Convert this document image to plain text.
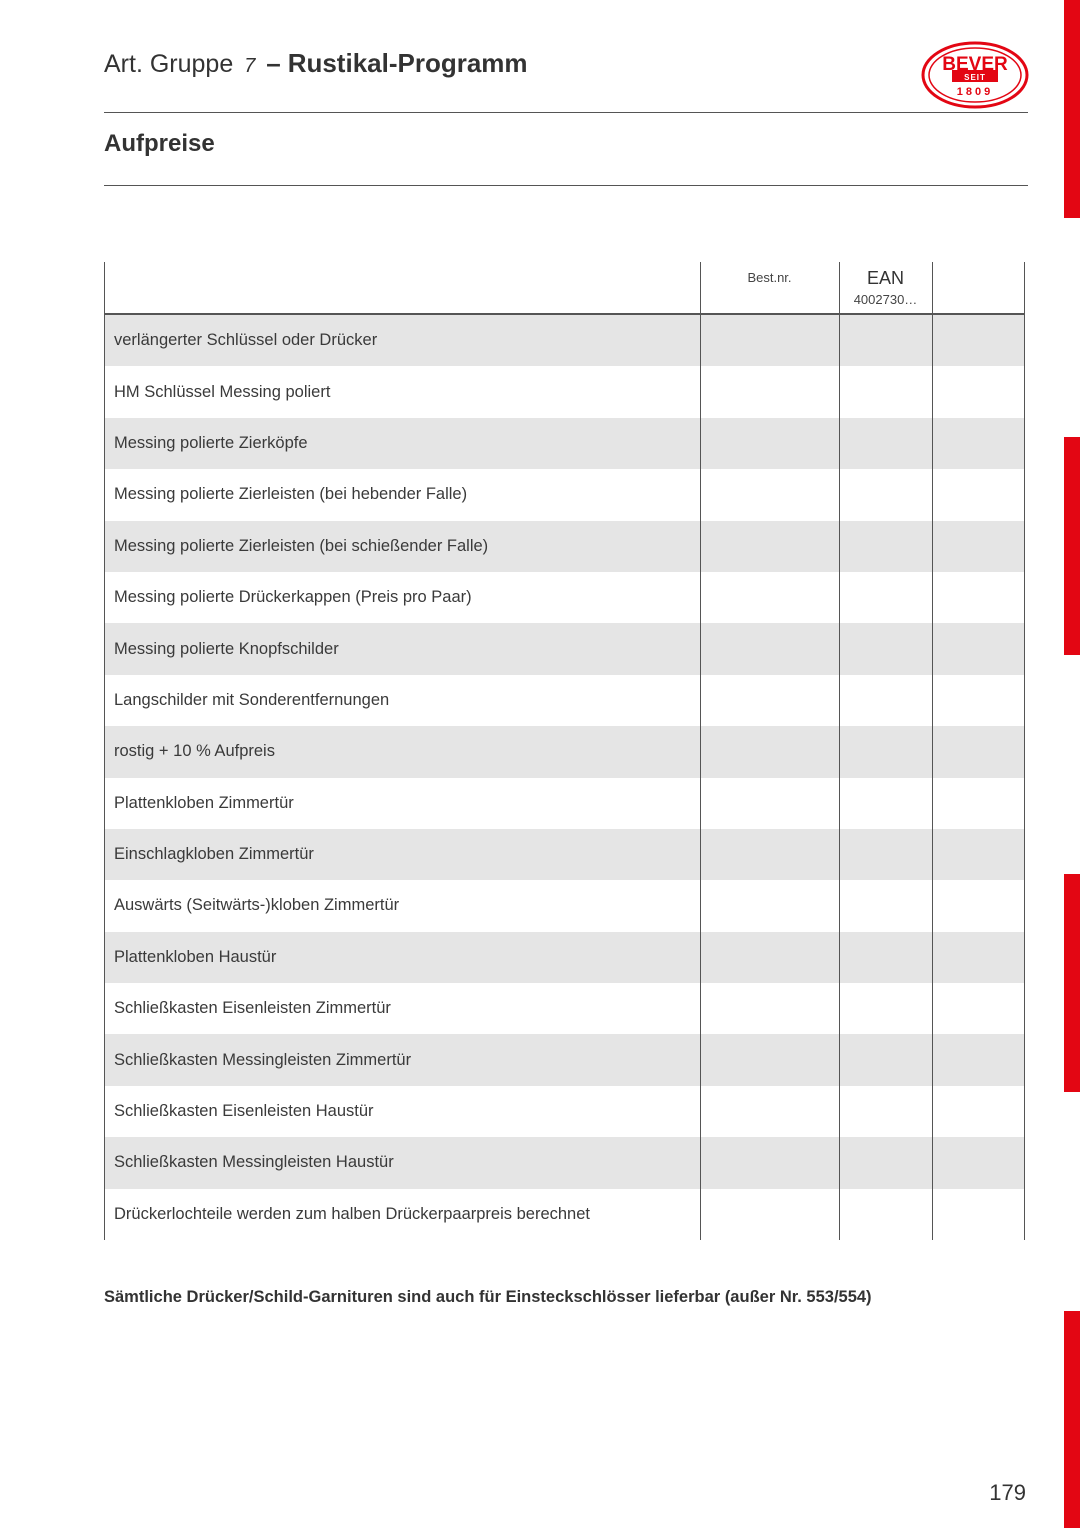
Art. Gruppe 7 – Rustikal-Programm	BEVER
SEIT
1809
Aufpreise
Best.nr.	EAN
4002730…
verlängerter Schlüssel oder Drücker
HM Schlüssel Messing poliert
Messing polierte Zierköpfe
Messing polierte Zierleisten (bei hebender Falle)
Messing polierte Zierleisten (bei schießender Falle)
Messing polierte Drückerkappen (Preis pro Paar)
Messing polierte Knopfschilder
Langschilder mit Sonderentfernungen
rostig + 10 % Aufpreis
Plattenkloben Zimmertür
Einschlagkloben Zimmertür
Auswärts (Seitwärts-)kloben Zimmertür
Plattenkloben Haustür
Schließkasten Eisenleisten Zimmertür
Schließkasten Messingleisten Zimmertür
Schließkasten Eisenleisten Haustür
Schließkasten Messingleisten Haustür
Drückerlochteile werden zum halben Drückerpaarpreis berechnet
Sämtliche Drücker/Schild-Garnituren sind auch für Einsteckschlösser lieferbar (außer Nr. 553/554)
179
